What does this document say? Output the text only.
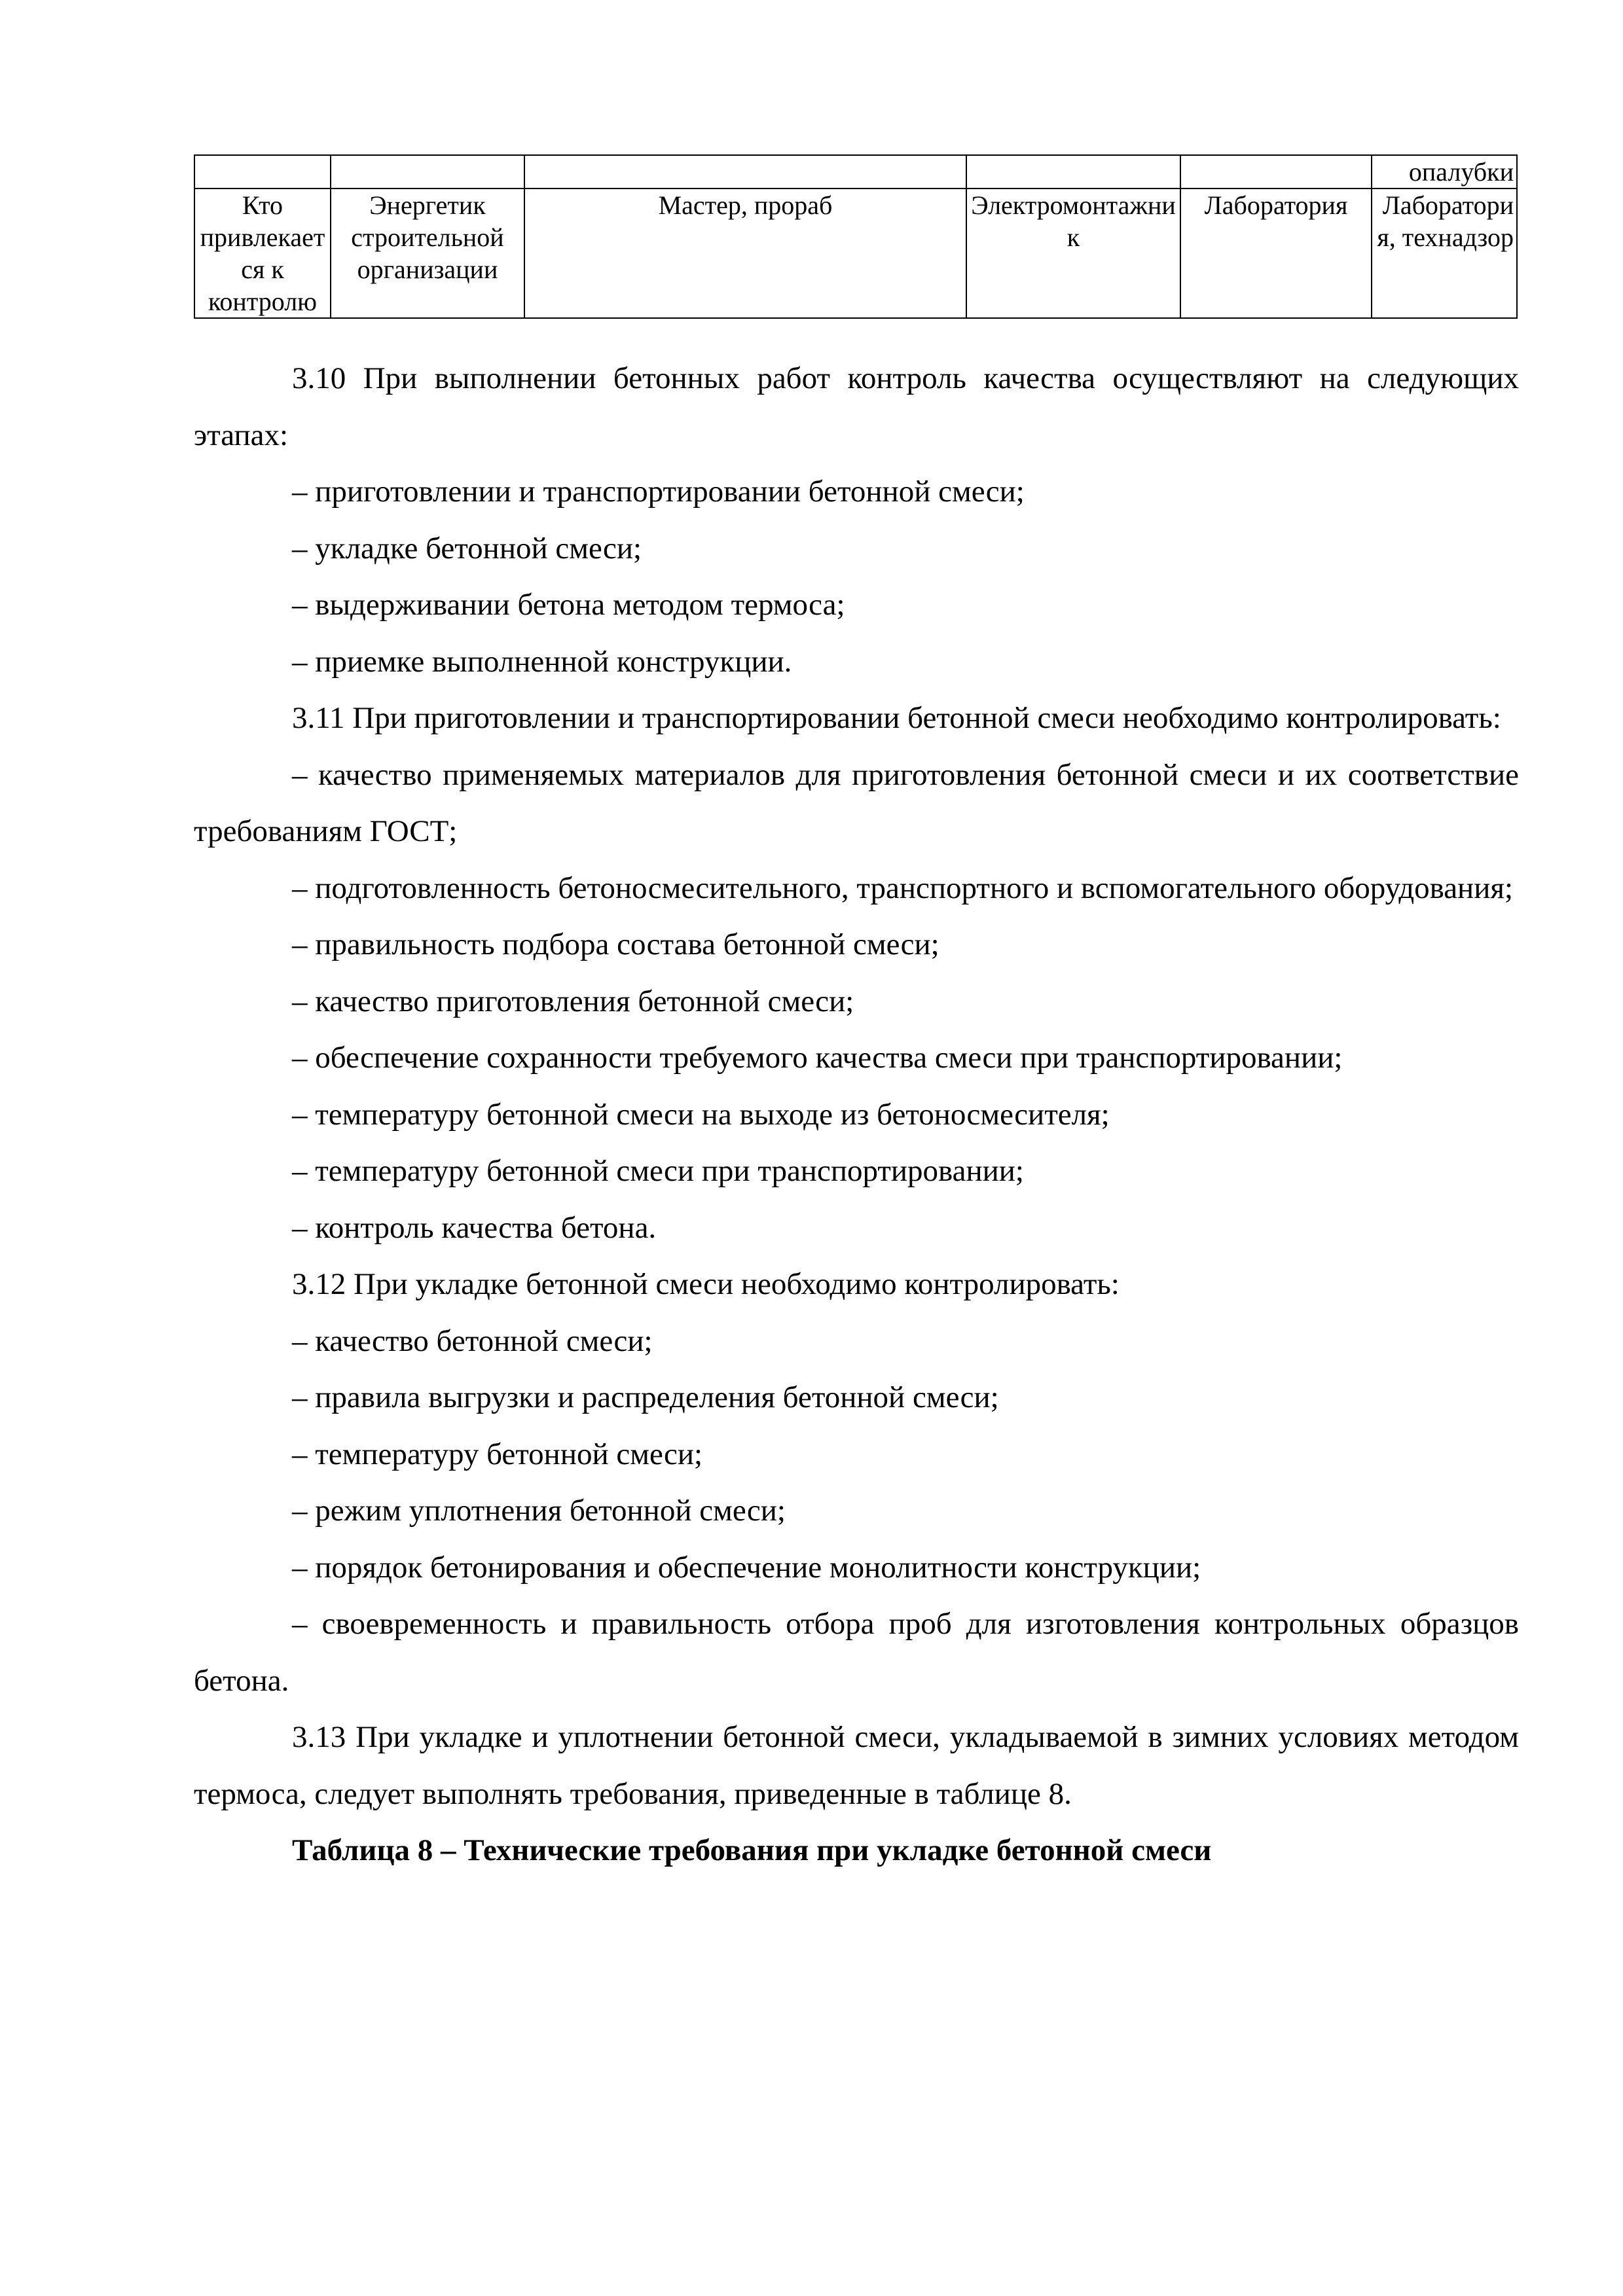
					опалубки
Кто привлекается к контролю	Энергетик строительной организации	Мастер, прораб	Электромонтажник	Лаборатория	Лаборатория, технадзор

3.10 При выполнении бетонных работ контроль качества осуществляют на следующих этапах:

– приготовлении и транспортировании бетонной смеси;

– укладке бетонной смеси;

– выдерживании бетона методом термоса;

– приемке выполненной конструкции.

3.11 При приготовлении и транспортировании бетонной смеси необходимо контролировать:

– качество применяемых материалов для приготовления бетонной смеси и их соответствие требованиям ГОСТ;

– подготовленность бетоносмесительного, транспортного и вспомогательного оборудования;

– правильность подбора состава бетонной смеси;

– качество приготовления бетонной смеси;

– обеспечение сохранности требуемого качества смеси при транспортировании;

– температуру бетонной смеси на выходе из бетоносмесителя;

– температуру бетонной смеси при транспортировании;

– контроль качества бетона.

3.12 При укладке бетонной смеси необходимо контролировать:

– качество бетонной смеси;

– правила выгрузки и распределения бетонной смеси;

– температуру бетонной смеси;

– режим уплотнения бетонной смеси;

– порядок бетонирования и обеспечение монолитности конструкции;

– своевременность и правильность отбора проб для изготовления контрольных образцов бетона.

3.13 При укладке и уплотнении бетонной смеси, укладываемой в зимних условиях методом термоса, следует выполнять требования, приведенные в таблице 8.

Таблица 8 – Технические требования при укладке бетонной смеси
